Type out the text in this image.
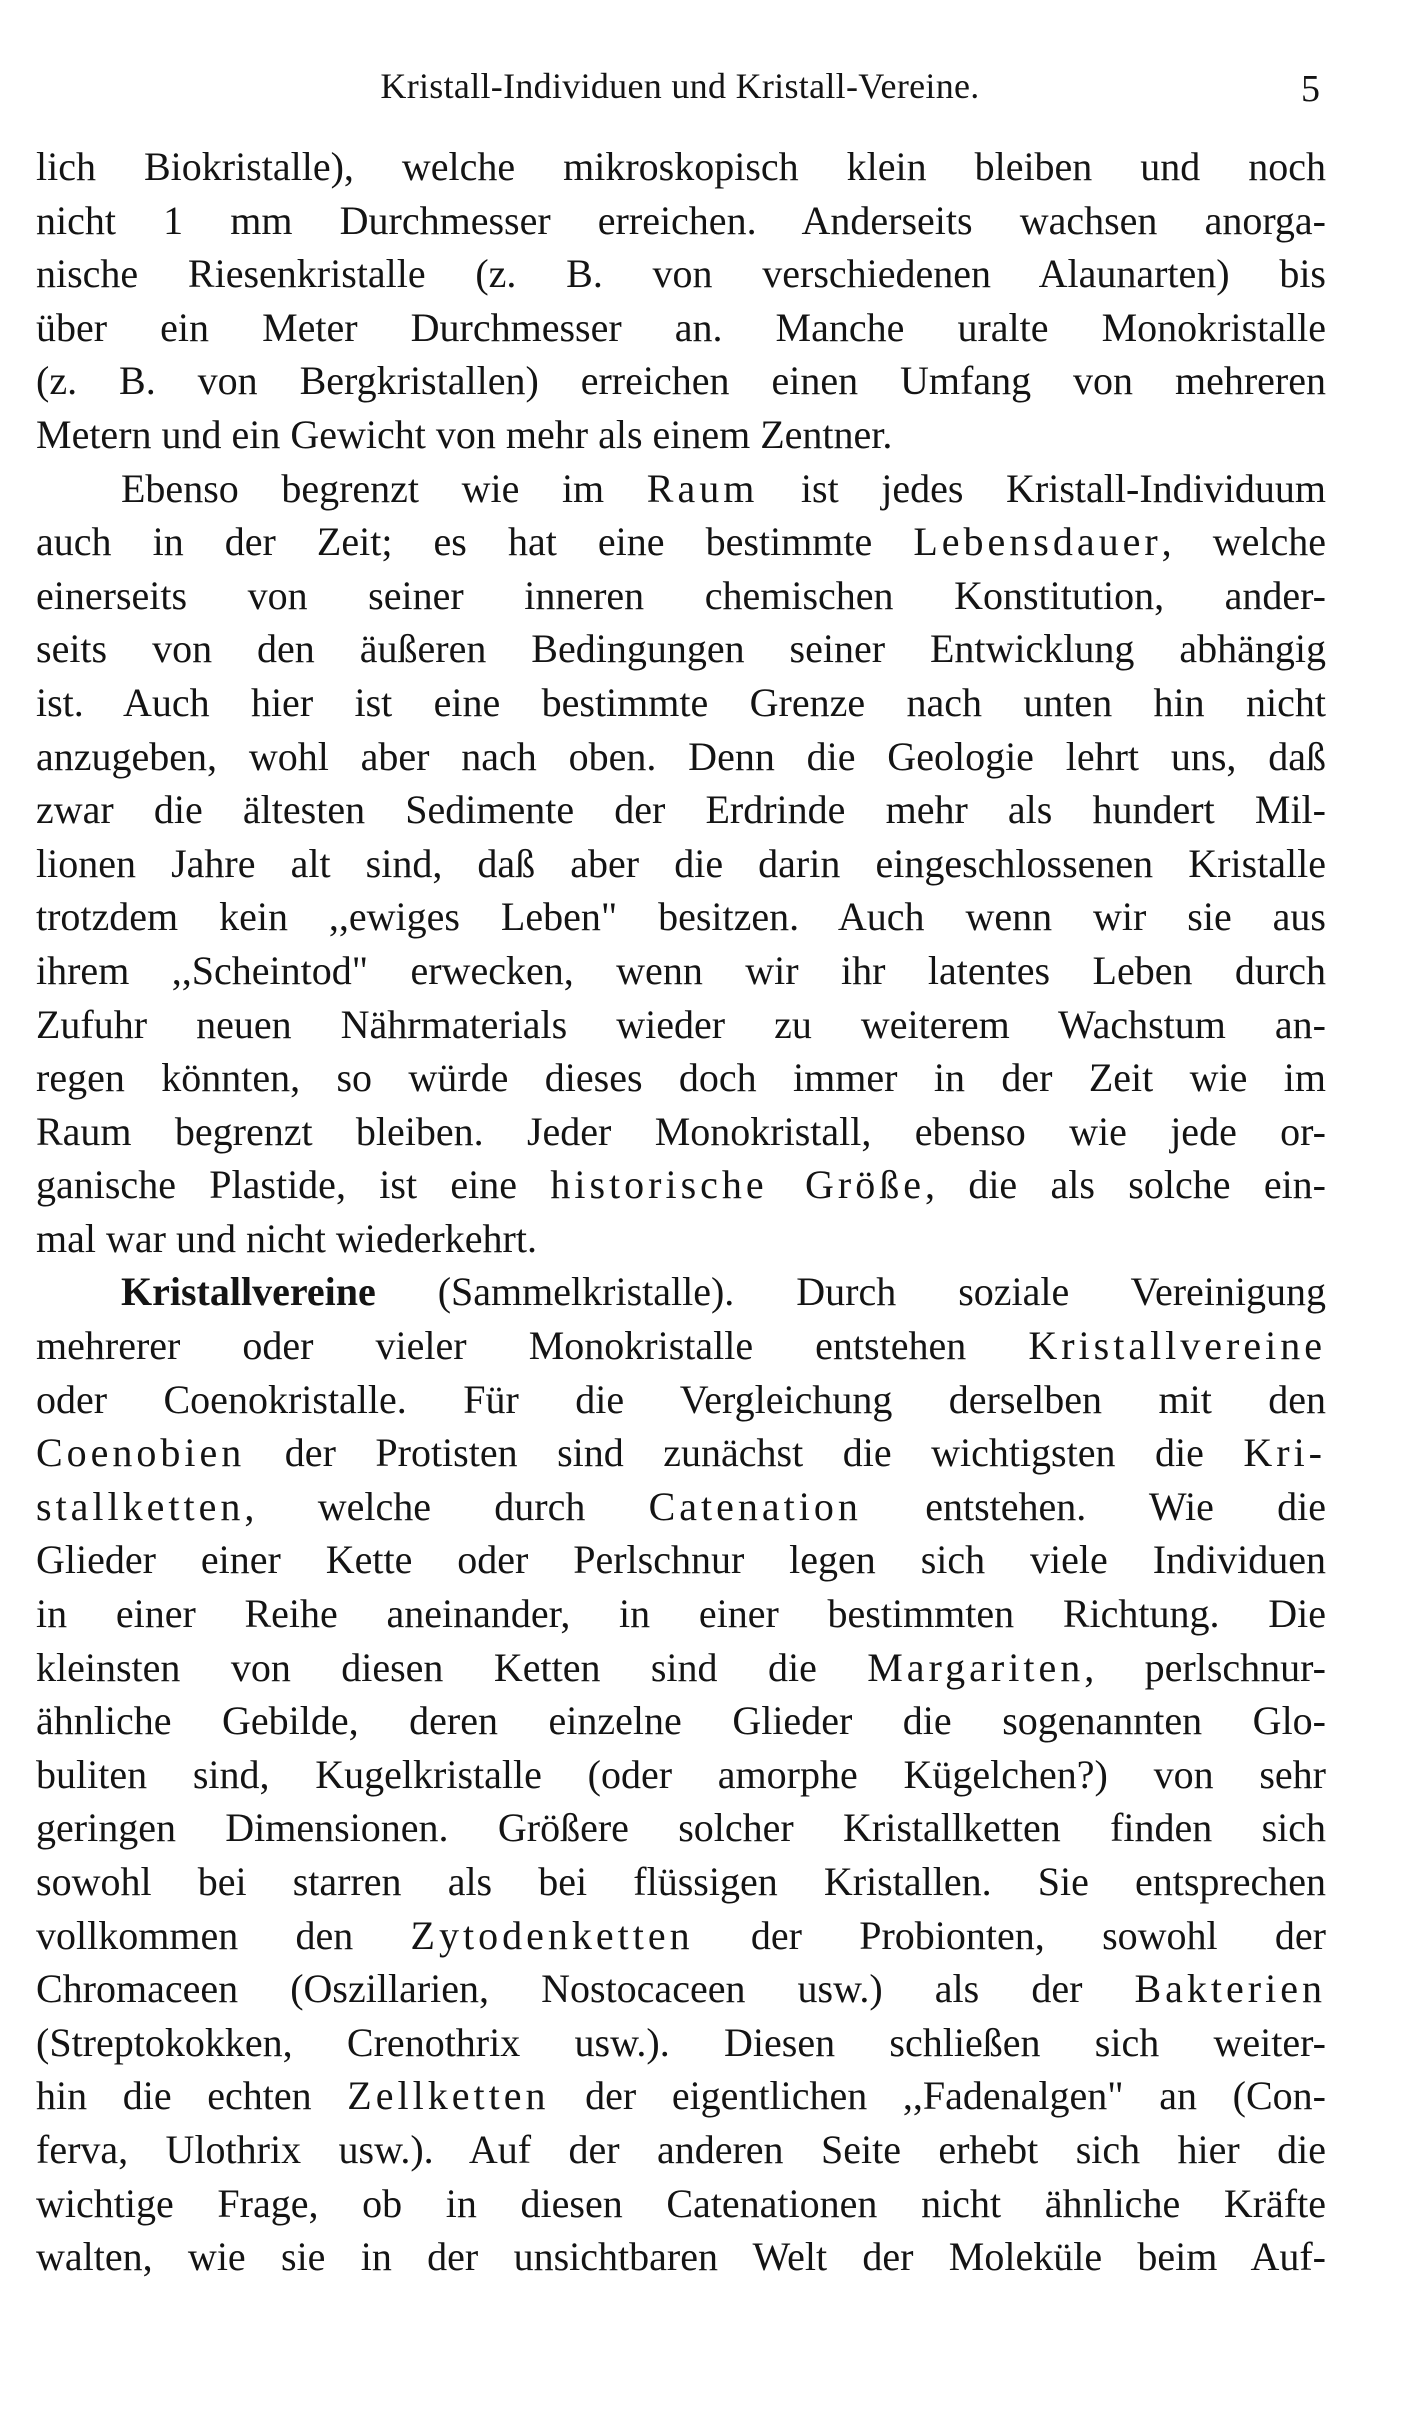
Kristall-Individuen und Kristall-Vereine.	5
lich Biokristalle), welche mikroskopisch klein bleiben und noch
nicht 1 mm Durchmesser erreichen. Anderseits wachsen anorga-
nische Riesenkristalle (z. B. von verschiedenen Alaunarten) bis
über ein Meter Durchmesser an. Manche uralte Monokristalle
(z. B. von Bergkristallen) erreichen einen Umfang von mehreren
Metern und ein Gewicht von mehr als einem Zentner.
Ebenso begrenzt wie im Raum ist jedes Kristall-Individuum
auch in der Zeit; es hat eine bestimmte Lebensdauer, welche
einerseits von seiner inneren chemischen Konstitution, ander-
seits von den äußeren Bedingungen seiner Entwicklung abhängig
ist. Auch hier ist eine bestimmte Grenze nach unten hin nicht
anzugeben, wohl aber nach oben. Denn die Geologie lehrt uns, daß
zwar die ältesten Sedimente der Erdrinde mehr als hundert Mil-
lionen Jahre alt sind, daß aber die darin eingeschlossenen Kristalle
trotzdem kein ,,ewiges Leben" besitzen. Auch wenn wir sie aus
ihrem ,,Scheintod" erwecken, wenn wir ihr latentes Leben durch
Zufuhr neuen Nährmaterials wieder zu weiterem Wachstum an-
regen könnten, so würde dieses doch immer in der Zeit wie im
Raum begrenzt bleiben. Jeder Monokristall, ebenso wie jede or-
ganische Plastide, ist eine historische Größe, die als solche ein-
mal war und nicht wiederkehrt.
Kristallvereine (Sammelkristalle). Durch soziale Vereinigung
mehrerer oder vieler Monokristalle entstehen Kristallvereine
oder Coenokristalle. Für die Vergleichung derselben mit den
Coenobien der Protisten sind zunächst die wichtigsten die Kri-
stallketten, welche durch Catenation entstehen. Wie die
Glieder einer Kette oder Perlschnur legen sich viele Individuen
in einer Reihe aneinander, in einer bestimmten Richtung. Die
kleinsten von diesen Ketten sind die Margariten, perlschnur-
ähnliche Gebilde, deren einzelne Glieder die sogenannten Glo-
buliten sind, Kugelkristalle (oder amorphe Kügelchen?) von sehr
geringen Dimensionen. Größere solcher Kristallketten finden sich
sowohl bei starren als bei flüssigen Kristallen. Sie entsprechen
vollkommen den Zytodenketten der Probionten, sowohl der
Chromaceen (Oszillarien, Nostocaceen usw.) als der Bakterien
(Streptokokken, Crenothrix usw.). Diesen schließen sich weiter-
hin die echten Zellketten der eigentlichen ,,Fadenalgen" an (Con-
ferva, Ulothrix usw.). Auf der anderen Seite erhebt sich hier die
wichtige Frage, ob in diesen Catenationen nicht ähnliche Kräfte
walten, wie sie in der unsichtbaren Welt der Moleküle beim Auf-
